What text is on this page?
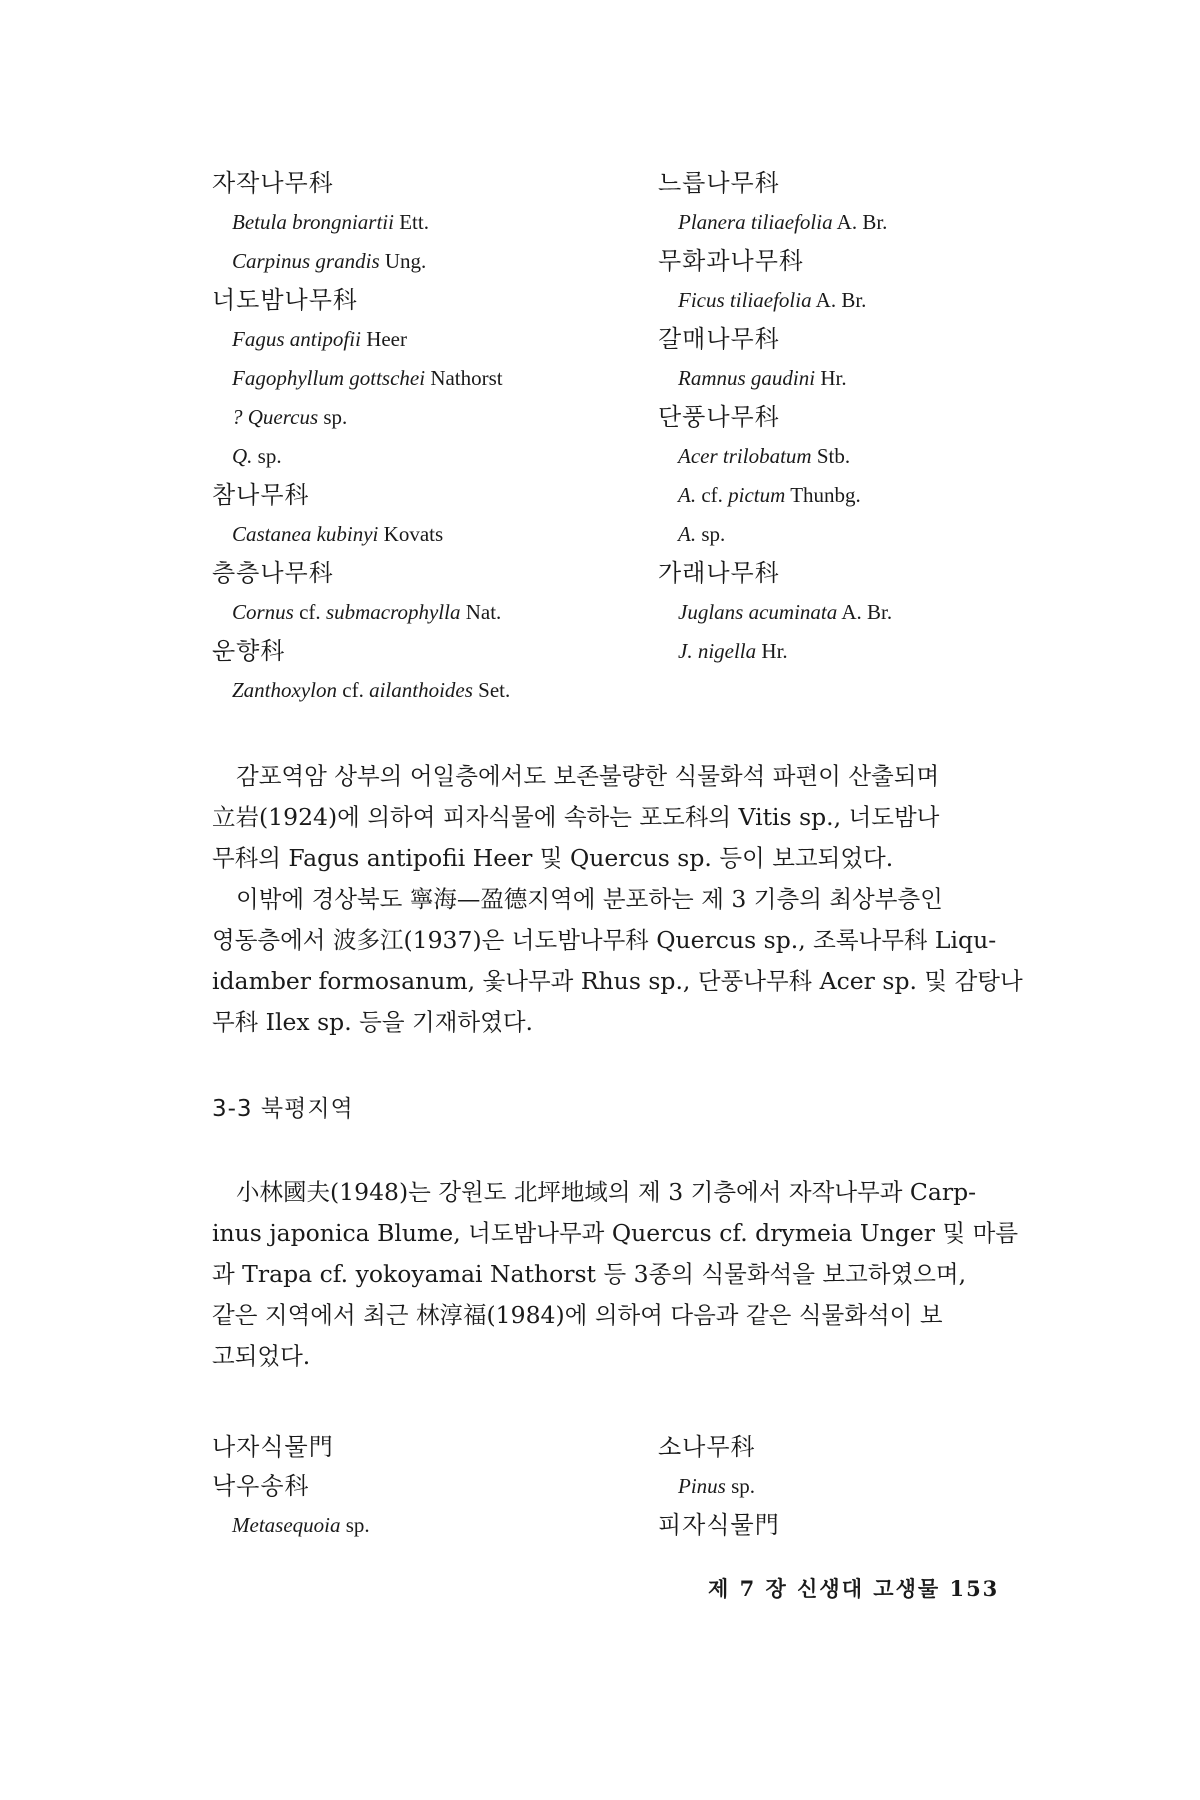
자작나무科
Betula brongniartii Ett.
Carpinus grandis Ung.
너도밤나무科
Fagus antipofii Heer
Fagophyllum gottschei Nathorst
? Quercus sp.
Q. sp.
참나무科
Castanea kubinyi Kovats
층층나무科
Cornus cf. submacrophylla Nat.
운향科
Zanthoxylon cf. ailanthoides Set.
느릅나무科
Planera tiliaefolia A. Br.
무화과나무科
Ficus tiliaefolia A. Br.
갈매나무科
Ramnus gaudini Hr.
단풍나무科
Acer trilobatum Stb.
A. cf. pictum Thunbg.
A. sp.
가래나무科
Juglans acuminata A. Br.
J. nigella Hr.
감포역암 상부의 어일층에서도 보존불량한 식물화석 파편이 산출되며
立岩(1924)에 의하여 피자식물에 속하는 포도科의 Vitis sp., 너도밤나
무科의 Fagus antipofii Heer 및 Quercus sp. 등이 보고되었다.
이밖에 경상북도 寧海—盈德지역에 분포하는 제 3 기층의 최상부층인
영동층에서 波多江(1937)은 너도밤나무科 Quercus sp., 조록나무科 Liqu-
idamber formosanum, 옻나무과 Rhus sp., 단풍나무科 Acer sp. 및 감탕나
무科 Ilex sp. 등을 기재하였다.
3-3 북평지역
小林國夫(1948)는 강원도 北坪地域의 제 3 기층에서 자작나무과 Carp-
inus japonica Blume, 너도밤나무과 Quercus cf. drymeia Unger 및 마름
과 Trapa cf. yokoyamai Nathorst 등 3종의 식물화석을 보고하였으며,
같은 지역에서 최근 林淳福(1984)에 의하여 다음과 같은 식물화석이 보
고되었다.
나자식물門
낙우송科
Metasequoia sp.
소나무科
Pinus sp.
피자식물門
제 7 장 신생대 고생물 153
